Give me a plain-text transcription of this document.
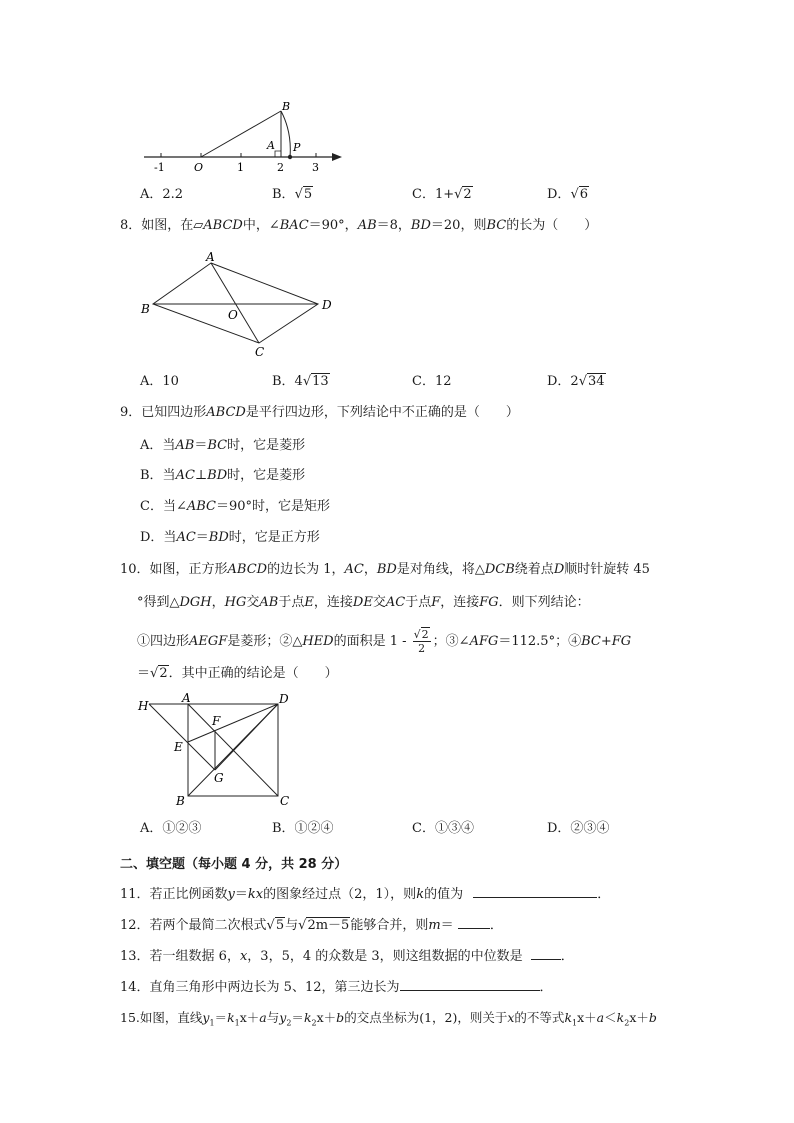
B
A P
O
-1	1	2	3
A．2.2	B．√5	C．1+√2	D．√6
8．如图，在▱ABCD中，∠BAC＝90°，AB＝8，BD＝20，则BC的长为（　　）
A
B	D
C
O
A．10	B．4√13	C．12	D．2√34
9．已知四边形ABCD是平行四边形，下列结论中不正确的是（　　）
A．当AB＝BC时，它是菱形
B．当AC⊥BD时，它是菱形
C．当∠ABC＝90°时，它是矩形
D．当AC＝BD时，它是正方形
10．如图，正方形ABCD的边长为 1，AC，BD是对角线，将△DCB绕着点D顺时针旋转 45
°得到△DGH，HG交AB于点E，连接DE交AC于点F，连接FG．则下列结论：
①四边形AEGF是菱形；②△HED的面积是 $1 - \frac{√2}{2}$ ；③∠AFG＝112.5°；④BC+FG
＝√2．其中正确的结论是（　　）
H
A	D
F
E
G
B	C
A．①②③	B．①②④	C．①③④	D．②③④
二、填空题（每小题 4 分，共 28 分）
11．若正比例函数y＝kx的图象经过点（2，1），则k的值为	．
12．若两个最简二次根式√5与√2m－5能够合并，则m＝	．
13．若一组数据 6，x，3，5，4 的众数是 3，则这组数据的中位数是	．
14．直角三角形中两边长为 5、12，第三边长为	．
15.如图，直线$y_1=k_1x+a$与$y_2=k_2x+b$的交点坐标为(1，2)，则关于x的不等式$k_1x+a<k_2x+b$
